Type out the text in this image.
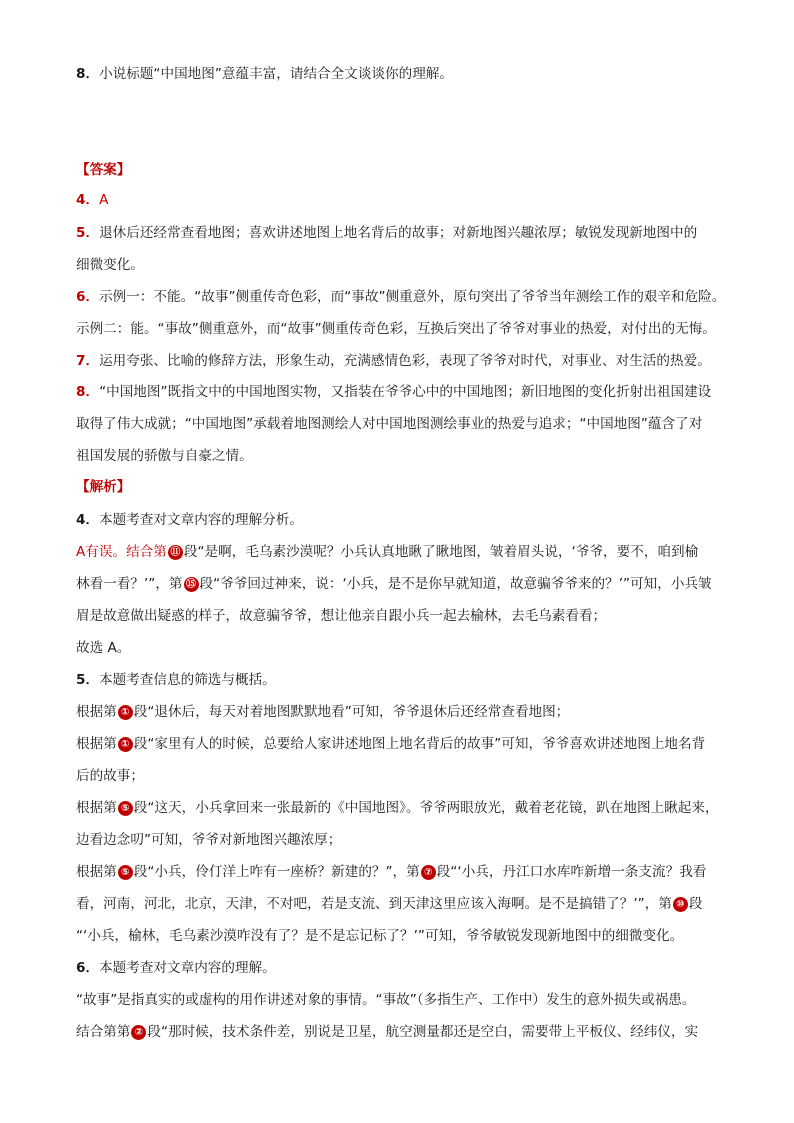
8．小说标题“中国地图”意蕴丰富，请结合全文谈谈你的理解。
【答案】
4．A
5．退休后还经常查看地图；喜欢讲述地图上地名背后的故事；对新地图兴趣浓厚；敏锐发现新地图中的
细微变化。
6．示例一：不能。“故事”侧重传奇色彩，而“事故”侧重意外，原句突出了爷爷当年测绘工作的艰辛和危险。
示例二：能。“事故”侧重意外，而“故事”侧重传奇色彩，互换后突出了爷爷对事业的热爱，对付出的无悔。
7．运用夸张、比喻的修辞方法，形象生动，充满感情色彩，表现了爷爷对时代，对事业、对生活的热爱。
8．“中国地图”既指文中的中国地图实物，又指装在爷爷心中的中国地图；新旧地图的变化折射出祖国建设
取得了伟大成就；“中国地图”承载着地图测绘人对中国地图测绘事业的热爱与追求；“中国地图”蕴含了对
祖国发展的骄傲与自豪之情。
【解析】
4．本题考查对文章内容的理解分析。
A有误。结合第 ⑪ 段“是啊，毛乌素沙漠呢？小兵认真地瞅了瞅地图，皱着眉头说，‘爷爷，要不，咱到榆
林看一看？’”，第 ⑮ 段“爷爷回过神来，说：‘小兵，是不是你早就知道，故意骗爷爷来的？’”可知，小兵皱
眉是故意做出疑惑的样子，故意骗爷爷，想让他亲自跟小兵一起去榆林，去毛乌素看看；
故选 A。
5．本题考查信息的筛选与概括。
根据第 ① 段“退休后，每天对着地图默默地看”可知，爷爷退休后还经常查看地图；
根据第 ① 段“家里有人的时候，总要给人家讲述地图上地名背后的故事”可知，爷爷喜欢讲述地图上地名背
后的故事；
根据第 ⑤ 段“这天，小兵拿回来一张最新的《中国地图》。爷爷两眼放光，戴着老花镜，趴在地图上瞅起来，
边看边念叨”可知，爷爷对新地图兴趣浓厚；
根据第 ⑤ 段“小兵，伶仃洋上咋有一座桥？新建的？”，第 ⑦ 段“‘小兵，丹江口水库咋新增一条支流？我看
看，河南，河北，北京，天津，不对吧，若是支流、到天津这里应该入海啊。是不是搞错了？’”，第 ⑩ 段
“‘小兵，榆林，毛乌素沙漠咋没有了？是不是忘记标了？’”可知，爷爷敏锐发现新地图中的细微变化。
6．本题考查对文章内容的理解。
“故事”是指真实的或虚构的用作讲述对象的事情。“事故”（多指生产、工作中）发生的意外损失或祸患。
结合第第 ② 段“那时候，技术条件差，别说是卫星，航空测量都还是空白，需要带上平板仪、经纬仪，实
